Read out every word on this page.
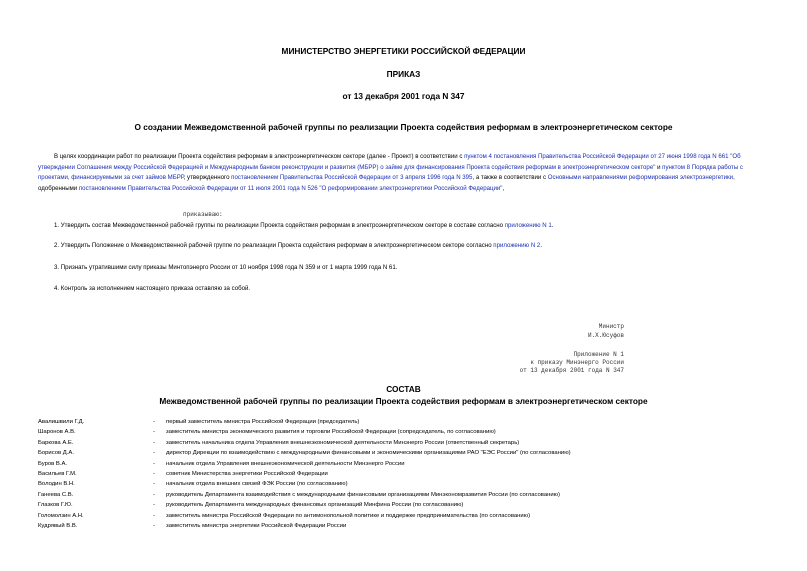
МИНИСТЕРСТВО ЭНЕРГЕТИКИ РОССИЙСКОЙ ФЕДЕРАЦИИ
ПРИКАЗ
от 13 декабря 2001 года N 347
О создании Межведомственной рабочей группы по реализации Проекта содействия реформам в электроэнергетическом секторе
В целях координации работ по реализации Проекта содействия реформам в электроэнергетическом секторе (далее - Проект) в соответствии с пунктом 4 постановления Правительства Российской Федерации от 27 июня 1998 года N 661 "Об утверждении Соглашения между Российской Федерацией и Международным банком реконструкции и развития (МБРР) о займе для финансирования Проекта содействия реформам в электроэнергетическом секторе" и пунктом 8 Порядка работы с проектами, финансируемыми за счет займов МБРР, утвержденного постановлением Правительства Российской Федерации от 3 апреля 1996 года N 395, а также в соответствии с Основными направлениями реформирования электроэнергетики, одобренными постановлением Правительства Российской Федерации от 11 июля 2001 года N 526 "О реформировании электроэнергетики Российской Федерации",
приказываю:
1. Утвердить состав Межведомственной рабочей группы по реализации Проекта содействия реформам в электроэнергетическом секторе в составе согласно приложению N 1.
2. Утвердить Положение о Межведомственной рабочей группе по реализации Проекта содействия реформам в электроэнергетическом секторе согласно приложению N 2.
3. Признать утратившими силу приказы Минтопэнерго России от 10 ноября 1998 года N 359 и от 1 марта 1999 года N 61.
4. Контроль за исполнением настоящего приказа оставляю за собой.
Министр
И.Х.Юсуфов
Приложение N 1
к приказу Минэнерго России
от 13 декабря 2001 года N 347
СОСТАВ
Межведомственной рабочей группы по реализации Проекта содействия реформам в электроэнергетическом секторе
Авалишвили Г.Д.
Шаронов А.В.
Баркова А.Е.
Борисов Д.А.
Буров В.А.
Васильев Г.М.
Володин В.Н.
Ганеева С.В.
Глазков Г.Ю.
Голомолзин А.Н.
Кудрявый В.В.
-
-
-
-
-
-
-
-
-
-
-
первый заместитель министра Российской Федерации (председатель)
заместитель министра экономического развития и торговли Российской Федерации (сопредседатель, по согласованию)
заместитель начальника отдела Управления внешнеэкономической деятельности Минэнерго России (ответственный секретарь)
директор Дирекции по взаимодействию с международными финансовыми и экономическими организациями РАО "ЕЭС России" (по согласованию)
начальник отдела Управления внешнеэкономической деятельности Минэнерго России
советник Министерства энергетики Российской Федерации
начальник отдела внешних связей ФЭК России (по согласованию)
руководитель Департамента взаимодействия с международными финансовыми организациями Минэкономразвития России (по согласованию)
руководитель Департамента международных финансовых организаций Минфина России (по согласованию)
заместитель министра Российской Федерации по антимонопольной политике и поддержке предпринимательства (по согласованию)
заместитель министра энергетики Российской Федерации России
